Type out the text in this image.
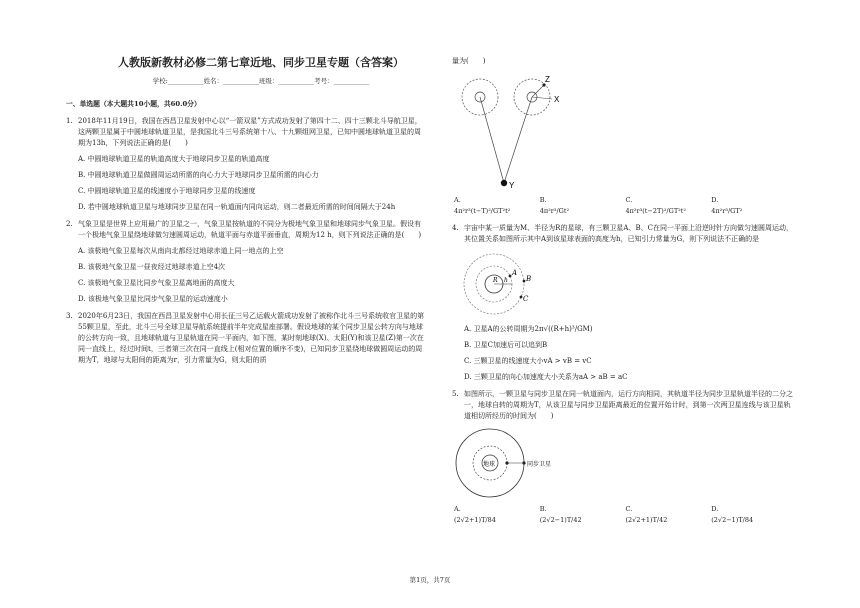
人教版新教材必修二第七章近地、同步卫星专题（含答案）
学校:___________姓名：___________班级：___________考号：___________
一、单选题（本大题共10小题，共60.0分）
1. 2018年11月19日，我国在西昌卫星发射中心以“一箭双星”方式成功发射了第四十二、四十三颗北斗导航卫星，这两颗卫星属于中圆地球轨道卫星，是我国北斗三号系统第十八、十九颗组网卫星，已知中圆地球轨道卫星的周期为13h，下列说法正确的是(　　)
A. 中圆地球轨道卫星的轨道高度大于地球同步卫星的轨道高度
B. 中圆地球轨道卫星做圆周运动所需的向心力大于地球同步卫星所需的向心力
C. 中圆地球轨道卫星的线速度小于地球同步卫星的线速度
D. 若中圆地球轨道卫星与地球同步卫星在同一轨道面内同向运动，则二者最近所需的时间间隔大于24h
2. 气象卫星是世界上应用最广的卫星之一，气象卫星按轨道的不同分为极地气象卫星和地球同步气象卫星。假设有一个极地气象卫星绕地球做匀速圆周运动，轨道平面与赤道平面垂直，周期为12 h，则下列说法正确的是(　　)
A. 该极地气象卫星每次从南向北都经过地球赤道上同一地点的上空
B. 该极地气象卫星一昼夜经过地球赤道上空4次
C. 该极地气象卫星比同步气象卫星离地面的高度大
D. 该极地气象卫星比同步气象卫星的运动速度小
3. 2020年6月23日，我国在西昌卫星发射中心用长征三号乙运载火箭成功发射了被称作北斗三号系统收官卫星的第55颗卫星，至此，北斗三号全球卫星导航系统提前半年完成星座部署。假设地球的某个同步卫星公转方向与地球的公转方向一致，且地球轨道与卫星轨道在同一平面内，如下图，某时刻地球(X)、太阳(Y)和该卫星(Z)第一次在同一直线上，经过时间t，三者第三次在同一直线上(相对位置的顺序不变)，已知同步卫星绕地球做圆周运动的周期为T，地球与太阳间的距离为r，引力常量为G，则太阳的质
量为(　　)
X
Z
Y
A. 4π²r³(t−T)²/GT²t²
B. 4π²r³/Gt²
C. 4π²r³(t−2T)²/GT²t²
D. 4π²r³/GT²
4. 宇宙中某一质量为M、半径为R的星球，有三颗卫星A、B、C在同一平面上沿逆时针方向做匀速圆周运动，其位置关系如图所示其中A到该星球表面的高度为h，已知引力常量为G，则下列说法不正确的是
A
B
C
R h
A. 卫星A的公转周期为2π√((R+h)³/GM)
B. 卫星C加速后可以追到B
C. 三颗卫星的线速度大小vA > vB = vC
D. 三颗卫星的向心加速度大小关系为aA > aB = aC
5. 如图所示，一颗卫星与同步卫星在同一轨道面内，运行方向相同，其轨道半径为同步卫星轨道半径的二分之一，地球自转的周期为T，从该卫星与同步卫星距离最近的位置开始计时，到第一次两卫星连线与该卫星轨道相切所经历的时间为(　　)
地球	同步卫星
A. (2√2+1)T/84
B. (2√2−1)T/42
C. (2√2+1)T/42
D. (2√2−1)T/84
第1页，共7页
